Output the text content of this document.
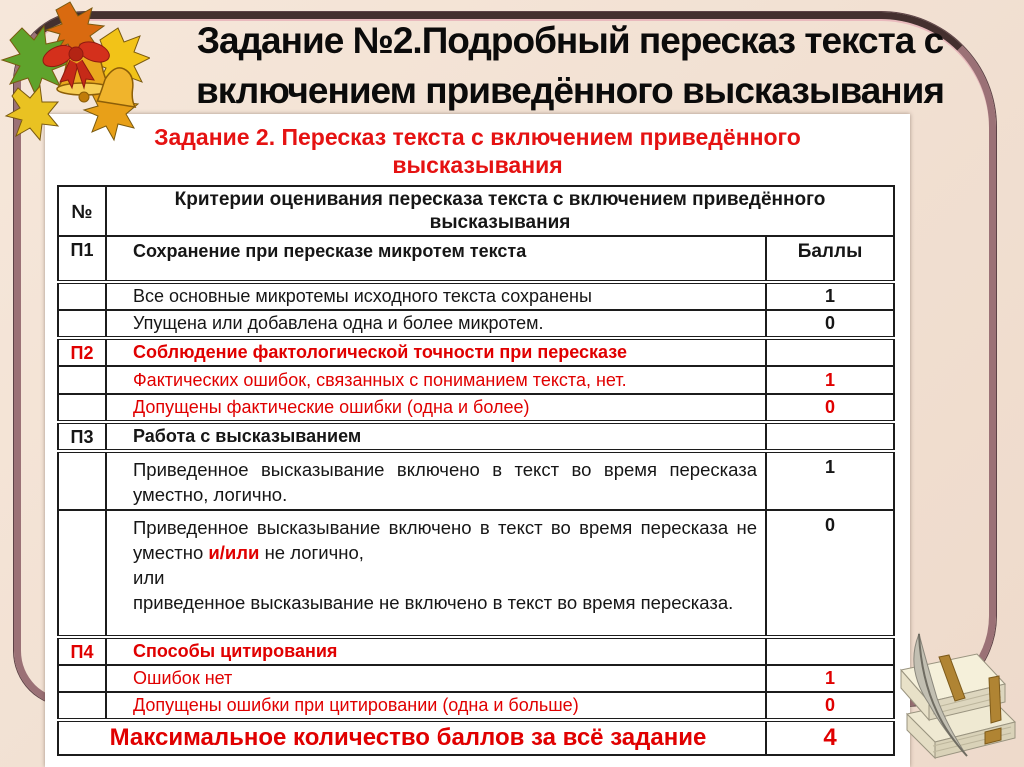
Задание №2.Подробный пересказ текста с
включением приведённого высказывания
Задание 2. Пересказ текста с включением приведённого
высказывания
№	Критерии оценивания пересказа текста с включением приведённого высказывания	
П1	Сохранение при пересказе микротем текста	Баллы
	Все основные микротемы исходного текста сохранены	1
	Упущена или добавлена одна и более микротем.	0
П2	Соблюдение фактологической точности при пересказе	
	Фактических ошибок, связанных с пониманием текста, нет.	1
	Допущены фактические ошибки (одна и более)	0
П3	Работа с высказыванием	
	Приведенное высказывание включено в текст во время пересказа уместно, логично.	1
	Приведенное высказывание включено в текст во время пересказа не уместно и/или не логично,
или
приведенное высказывание не включено в текст во время пересказа.	0
П4	Способы цитирования	
	Ошибок нет	1
	Допущены ошибки при цитировании (одна и больше)	0
Максимальное количество баллов за всё задание		4
